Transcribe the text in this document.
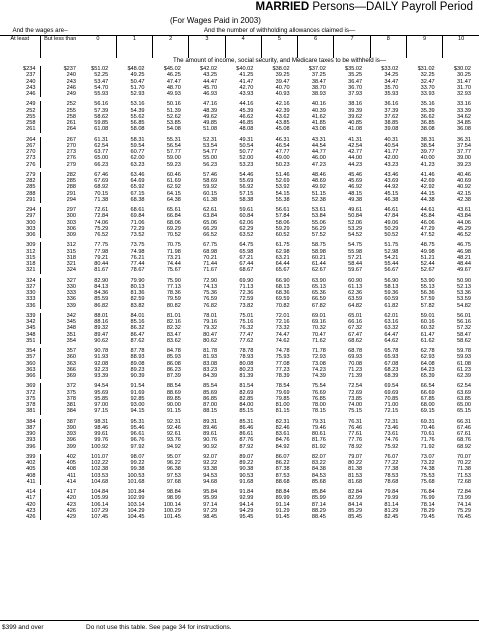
MARRIED Persons—DAILY Payroll Period
(For Wages Paid in 2003)
And the wages are–		And the number of withholding allowances claimed is—										
At least	But less than	0	1	2	3	4	5	6	7	8	9	10
		The amount of income, social security, and Medicare taxes to be withheld is—										
$234	$237	$51.02	$48.02	$45.02	$42.02	$40.02	$38.02	$37.02	$35.02	$33.02	$31.02	$30.02
237	240	52.25	49.25	46.25	43.25	41.25	39.25	37.25	35.25	34.25	32.25	30.25
240	243	53.47	50.47	47.47	44.47	41.47	39.47	38.47	36.47	34.47	32.47	31.47
243	246	54.70	51.70	48.70	45.70	42.70	40.70	38.70	36.70	35.70	33.70	31.70
246	249	55.93	52.93	49.93	46.93	43.93	40.93	38.93	37.93	35.93	33.93	32.93

249	252	56.16	53.16	50.16	47.16	44.16	42.16	40.16	38.16	36.16	35.16	33.16
252	255	57.39	54.39	51.39	48.39	45.39	42.39	40.39	39.39	37.39	35.39	33.39
255	258	58.62	55.62	52.62	49.62	46.62	43.62	41.62	39.62	37.62	36.62	34.62
258	261	59.85	56.85	53.85	49.85	46.85	43.85	41.85	40.85	38.85	36.85	34.85
261	264	61.08	58.08	54.08	51.08	48.08	45.08	43.08	41.08	39.08	38.08	36.08

264	267	61.31	58.31	55.31	52.31	49.31	46.31	43.31	41.31	40.31	38.31	36.31
267	270	62.54	59.54	56.54	53.54	50.54	46.54	44.54	42.54	40.54	38.54	37.54
270	273	63.77	60.77	57.77	54.77	50.77	47.77	44.77	42.77	41.77	39.77	37.77
273	276	65.00	62.00	59.00	55.00	52.00	49.00	46.00	44.00	42.00	40.00	39.00
276	279	66.23	63.23	59.23	56.23	53.23	50.23	47.23	44.23	43.23	41.23	39.23

279	282	67.46	63.46	60.46	57.46	54.46	51.46	48.46	45.46	43.46	41.46	40.46
282	285	67.69	64.69	61.69	58.69	55.69	52.69	48.69	45.69	43.69	42.69	40.69
285	288	68.92	65.92	62.92	59.92	56.92	53.92	49.92	46.92	44.92	42.92	40.92
288	291	70.15	67.15	64.15	60.15	57.15	54.15	51.15	48.15	45.15	44.15	42.15
291	294	71.38	68.38	64.38	61.38	58.38	55.38	52.38	49.38	46.38	44.38	42.38

294	297	72.61	68.61	65.61	62.61	59.61	56.61	53.61	49.61	46.61	44.61	43.61
297	300	72.84	69.84	66.84	63.84	60.84	57.84	53.84	50.84	47.84	45.84	43.84
300	303	74.06	71.06	68.06	65.06	62.06	58.06	55.06	52.06	49.06	46.06	44.06
303	306	75.29	72.29	69.29	66.29	62.29	59.29	56.29	53.29	50.29	47.29	45.29
306	309	76.52	73.52	70.52	66.52	63.52	60.52	57.52	54.52	50.52	47.52	46.52

309	312	77.75	73.75	70.75	67.75	64.75	61.75	58.75	54.75	51.75	48.75	46.75
312	315	77.98	74.98	71.98	68.98	65.98	62.98	58.98	55.98	52.98	49.98	46.98
315	318	79.21	76.21	73.21	70.21	67.21	63.21	60.21	57.21	54.21	51.21	48.21
318	321	80.44	77.44	74.44	71.44	67.44	64.44	61.44	58.44	55.44	52.44	48.44
321	324	81.67	78.67	75.67	71.67	68.67	65.67	62.67	59.67	56.67	52.67	49.67

324	327	82.90	79.90	75.90	72.90	69.90	66.90	63.90	60.90	56.90	53.90	50.90
327	330	84.13	80.13	77.13	74.13	71.13	68.13	65.13	61.13	58.13	55.13	52.13
330	333	84.36	81.36	78.36	75.36	72.36	68.36	65.36	62.36	59.36	56.36	53.36
333	336	85.59	82.59	79.59	76.59	72.59	69.59	66.59	63.59	60.59	57.59	53.59
336	339	86.82	83.82	80.82	76.82	73.82	70.82	67.82	64.82	61.82	57.82	54.82

339	342	88.01	84.01	81.01	78.01	75.01	72.01	69.01	65.01	62.01	59.01	56.01
342	345	88.16	85.16	82.16	79.16	75.16	72.16	69.16	66.16	63.16	60.16	56.16
345	348	89.32	86.32	82.32	79.32	76.32	73.32	70.32	67.32	63.32	60.32	57.32
348	351	89.47	86.47	83.47	80.47	77.47	74.47	70.47	67.47	64.47	61.47	58.47
351	354	90.62	87.62	83.62	80.62	77.62	74.62	71.62	68.62	64.62	61.62	58.62

354	357	90.78	87.78	84.78	81.78	78.78	74.78	71.78	68.78	65.78	62.78	59.78
357	360	91.93	88.93	85.93	81.93	78.93	75.93	72.93	69.93	65.93	62.93	59.93
360	363	92.08	89.08	86.08	83.08	80.08	77.08	73.08	70.08	67.08	64.08	61.08
363	366	92.23	89.23	86.23	83.23	80.23	77.23	74.23	71.23	68.23	64.23	61.23
366	369	93.39	90.39	87.39	84.39	81.39	78.39	74.39	71.39	68.39	65.39	62.39

369	372	94.54	91.54	88.54	85.54	81.54	78.54	75.54	72.54	69.54	66.54	62.54
372	375	95.69	91.69	88.69	85.69	82.69	79.69	76.69	72.69	69.69	66.69	63.69
375	378	95.85	92.85	89.85	86.85	82.85	79.85	76.85	73.85	70.85	67.85	63.85
378	381	97.00	93.00	90.00	87.00	84.00	81.00	78.00	74.00	71.00	68.00	65.00
381	384	97.15	94.15	91.15	88.15	85.15	81.15	78.15	75.15	72.15	69.15	65.15

384	387	98.31	95.31	92.31	89.31	85.31	82.31	79.31	76.31	72.31	69.31	66.31
387	390	98.46	95.46	92.46	89.46	86.46	82.46	79.46	76.46	73.46	70.46	67.46
390	393	99.61	96.61	92.61	89.61	86.61	83.61	80.61	77.61	73.61	70.61	67.61
393	396	99.76	96.76	93.76	90.76	87.76	84.76	81.76	77.76	74.76	71.76	68.76
396	399	100.92	97.92	94.92	90.92	87.92	84.92	81.92	78.92	75.92	71.92	68.92

399	402	101.07	98.07	95.07	92.07	89.07	86.07	82.07	79.07	76.07	73.07	70.07
402	405	102.22	99.22	96.22	92.22	89.22	86.22	83.22	80.22	77.22	73.22	70.22
405	408	102.38	99.38	96.38	93.38	90.38	87.38	84.38	81.38	77.38	74.38	71.38
408	411	103.53	100.53	97.53	94.53	90.53	87.53	84.53	81.53	78.53	75.53	71.53
411	414	104.68	101.68	97.68	94.68	91.68	88.68	85.68	81.68	78.68	75.68	72.68

414	417	104.84	101.84	98.84	95.84	91.84	88.84	85.84	82.84	79.84	76.84	72.84
417	420	105.99	102.99	98.99	95.99	92.99	89.99	85.99	82.99	79.99	76.99	73.99
420	423	106.14	103.14	100.14	97.14	94.14	91.14	87.14	84.14	81.14	78.14	74.14
423	426	107.29	104.29	100.29	97.29	94.29	91.29	88.29	85.29	81.29	78.29	75.29
426	429	107.45	104.45	101.45	98.45	95.45	91.45	88.45	85.45	82.45	79.45	76.45
$399 and over	Do not use this table. See page 34 for instructions.
